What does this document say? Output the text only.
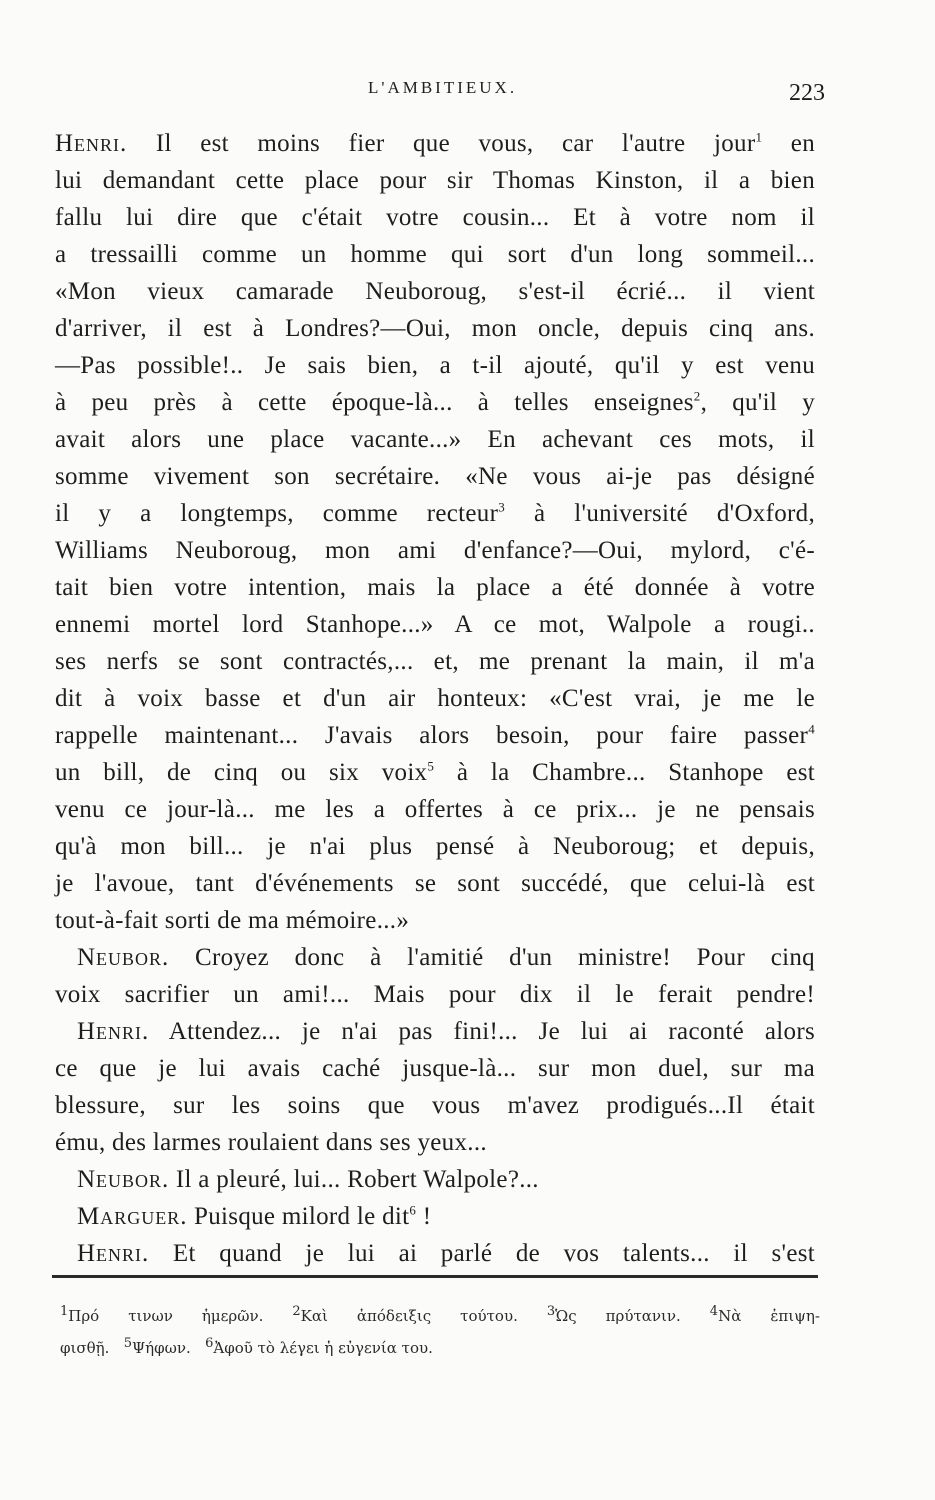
L'AMBITIEUX.	223
Henri. Il est moins fier que vous, car l'autre jour$^1$ en
lui demandant cette place pour sir Thomas Kinston, il a bien
fallu lui dire que c'était votre cousin... Et à votre nom il
a tressailli comme un homme qui sort d'un long sommeil...
«Mon vieux camarade Neuboroug, s'est-il écrié... il vient
d'arriver, il est à Londres?—Oui, mon oncle, depuis cinq ans.
—Pas possible!.. Je sais bien, a t-il ajouté, qu'il y est venu
à peu près à cette époque-là... à telles enseignes$^2$, qu'il y
avait alors une place vacante...» En achevant ces mots, il
somme vivement son secrétaire. «Ne vous ai-je pas désigné
il y a longtemps, comme recteur$^3$ à l'université d'Oxford,
Williams Neuboroug, mon ami d'enfance?—Oui, mylord, c'é-
tait bien votre intention, mais la place a été donnée à votre
ennemi mortel lord Stanhope...» A ce mot, Walpole a rougi..
ses nerfs se sont contractés,... et, me prenant la main, il m'a
dit à voix basse et d'un air honteux: «C'est vrai, je me le
rappelle maintenant... J'avais alors besoin, pour faire passer$^4$
un bill, de cinq ou six voix$^5$ à la Chambre... Stanhope est
venu ce jour-là... me les a offertes à ce prix... je ne pensais
qu'à mon bill... je n'ai plus pensé à Neuboroug; et depuis,
je l'avoue, tant d'événements se sont succédé, que celui-là est
tout-à-fait sorti de ma mémoire...»
Neubor. Croyez donc à l'amitié d'un ministre! Pour cinq
voix sacrifier un ami!... Mais pour dix il le ferait pendre!
Henri. Attendez... je n'ai pas fini!... Je lui ai raconté alors
ce que je lui avais caché jusque-là... sur mon duel, sur ma
blessure, sur les soins que vous m'avez prodigués...Il était
ému, des larmes roulaient dans ses yeux...
Neubor. Il a pleuré, lui... Robert Walpole?...
Marguer. Puisque milord le dit$^6$ !
Henri. Et quand je lui ai parlé de vos talents... il s'est
$^1$Πρό τινων ἡμερῶν. $^2$Καὶ ἀπόδειξις τούτου. $^3$Ὡς πρύτανιν. $^4$Νὰ ἐπιψη-
φισθῇ. $^5$Ψήφων. $^6$Ἀφοῦ τὸ λέγει ἡ εὐγενία του.
